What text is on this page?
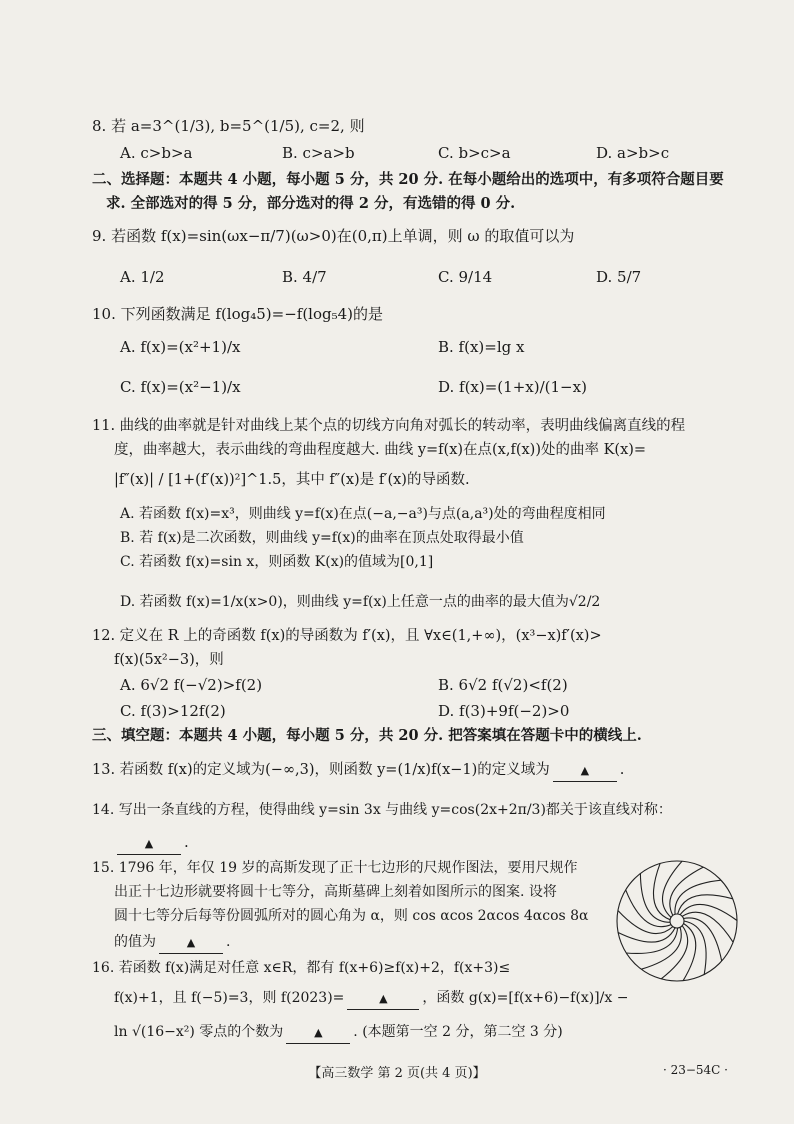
8. 若 a=3^(1/3), b=5^(1/5), c=2, 则
A. c>b>a	B. c>a>b	C. b>c>a	D. a>b>c
二、选择题：本题共 4 小题，每小题 5 分，共 20 分. 在每小题给出的选项中，有多项符合题目要
求. 全部选对的得 5 分，部分选对的得 2 分，有选错的得 0 分.
9. 若函数 f(x)=sin(ωx−π/7)(ω>0)在(0,π)上单调，则 ω 的取值可以为
A. 1/2	B. 4/7	C. 9/14	D. 5/7
10. 下列函数满足 f(log₄5)=−f(log₅4)的是
A. f(x)=(x²+1)/x	B. f(x)=lg x
C. f(x)=(x²−1)/x	D. f(x)=(1+x)/(1−x)
11. 曲线的曲率就是针对曲线上某个点的切线方向角对弧长的转动率，表明曲线偏离直线的程
度，曲率越大，表示曲线的弯曲程度越大. 曲线 y=f(x)在点(x,f(x))处的曲率 K(x)=
|f″(x)| / [1+(f′(x))²]^1.5，其中 f″(x)是 f′(x)的导函数.
A. 若函数 f(x)=x³，则曲线 y=f(x)在点(−a,−a³)与点(a,a³)处的弯曲程度相同
B. 若 f(x)是二次函数，则曲线 y=f(x)的曲率在顶点处取得最小值
C. 若函数 f(x)=sin x，则函数 K(x)的值域为[0,1]
D. 若函数 f(x)=1/x(x>0)，则曲线 y=f(x)上任意一点的曲率的最大值为√2/2
12. 定义在 R 上的奇函数 f(x)的导函数为 f′(x)，且 ∀x∈(1,+∞)，(x³−x)f′(x)>
f(x)(5x²−3)，则
A. 6√2 f(−√2)>f(2)	B. 6√2 f(√2)<f(2)
C. f(3)>12f(2)	D. f(3)+9f(−2)>0
三、填空题：本题共 4 小题，每小题 5 分，共 20 分. 把答案填在答题卡中的横线上.
13. 若函数 f(x)的定义域为(−∞,3)，则函数 y=(1/x)f(x−1)的定义域为	▲ .
14. 写出一条直线的方程，使得曲线 y=sin 3x 与曲线 y=cos(2x+2π/3)都关于该直线对称：
▲ .
15. 1796 年，年仅 19 岁的高斯发现了正十七边形的尺规作图法，要用尺规作
出正十七边形就要将圆十七等分，高斯墓碑上刻着如图所示的图案. 设将
圆十七等分后每等份圆弧所对的圆心角为 α，则 cos αcos 2αcos 4αcos 8α
的值为	▲ .
16. 若函数 f(x)满足对任意 x∈R，都有 f(x+6)≥f(x)+2，f(x+3)≤
f(x)+1，且 f(−5)=3，则 f(2023)=	▲ ，函数 g(x)=[f(x+6)−f(x)]/x −
ln √(16−x²) 零点的个数为	▲ . (本题第一空 2 分，第二空 3 分)
【高三数学 第 2 页(共 4 页)】	· 23−54C ·
